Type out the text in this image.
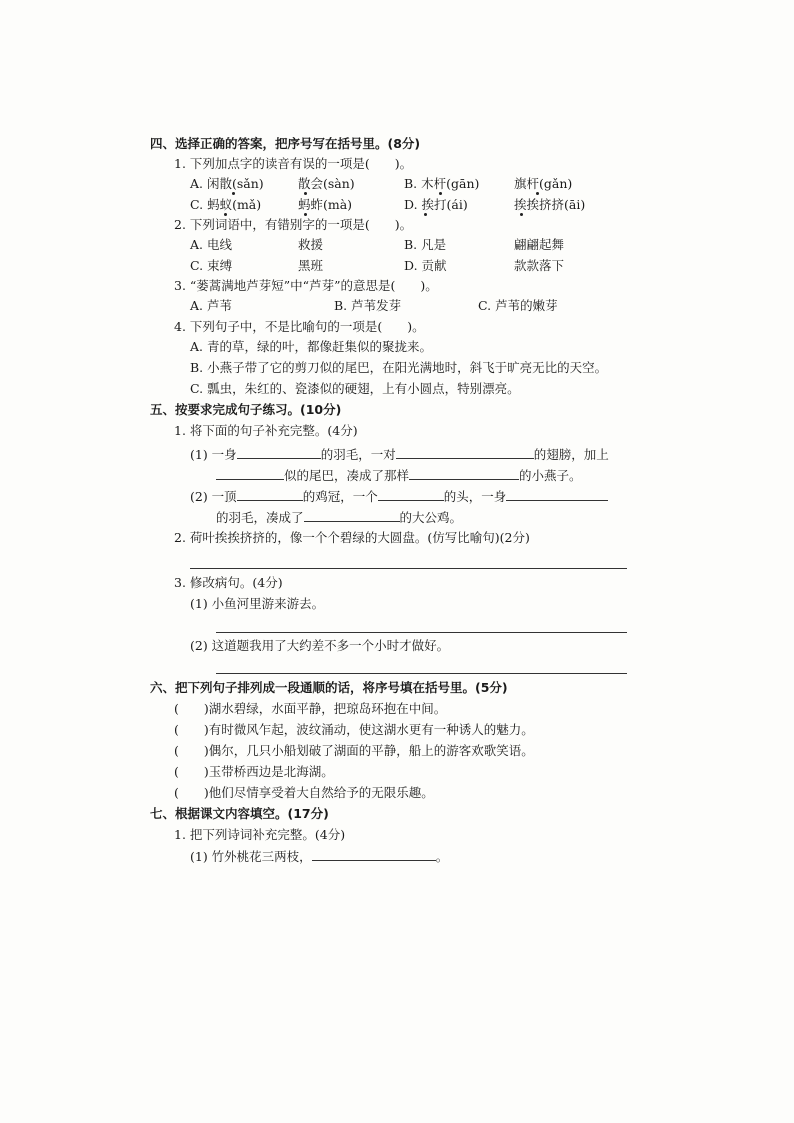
四、选择正确的答案，把序号写在括号里。(8分)
1. 下列加点字的读音有误的一项是(　　)。
A. 闲散(sǎn)	散会(sàn)	B. 木杆(gān)	旗杆(gǎn)
C. 蚂蚁(mǎ)	蚂蚱(mà)	D. 挨打(ái)	挨挨挤挤(āi)
2. 下列词语中，有错别字的一项是(　　)。
A. 电线	救援	B. 凡是	翩翩起舞
C. 束缚	黑班	D. 贡献	款款落下
3. “蒌蒿满地芦芽短”中“芦芽”的意思是(　　)。
A. 芦苇	B. 芦苇发芽	C. 芦苇的嫩芽
4. 下列句子中，不是比喻句的一项是(　　)。
A. 青的草，绿的叶，都像赶集似的聚拢来。
B. 小燕子带了它的剪刀似的尾巴，在阳光满地时，斜飞于旷亮无比的天空。
C. 瓢虫，朱红的、瓷漆似的硬翅，上有小圆点，特别漂亮。
五、按要求完成句子练习。(10分)
1. 将下面的句子补充完整。(4分)
(1) 一身	的羽毛，一对	的翅膀，加上
似的尾巴，凑成了那样	的小燕子。
(2) 一顶	的鸡冠，一个	的头，一身
的羽毛，凑成了	的大公鸡。
2. 荷叶挨挨挤挤的，像一个个碧绿的大圆盘。(仿写比喻句)(2分)
3. 修改病句。(4分)
(1) 小鱼河里游来游去。
(2) 这道题我用了大约差不多一个小时才做好。
六、把下列句子排列成一段通顺的话，将序号填在括号里。(5分)
(　　)湖水碧绿，水面平静，把琼岛环抱在中间。
(　　)有时微风乍起，波纹涌动，使这湖水更有一种诱人的魅力。
(　　)偶尔，几只小船划破了湖面的平静，船上的游客欢歌笑语。
(　　)玉带桥西边是北海湖。
(　　)他们尽情享受着大自然给予的无限乐趣。
七、根据课文内容填空。(17分)
1. 把下列诗词补充完整。(4分)
(1) 竹外桃花三两枝，	。
